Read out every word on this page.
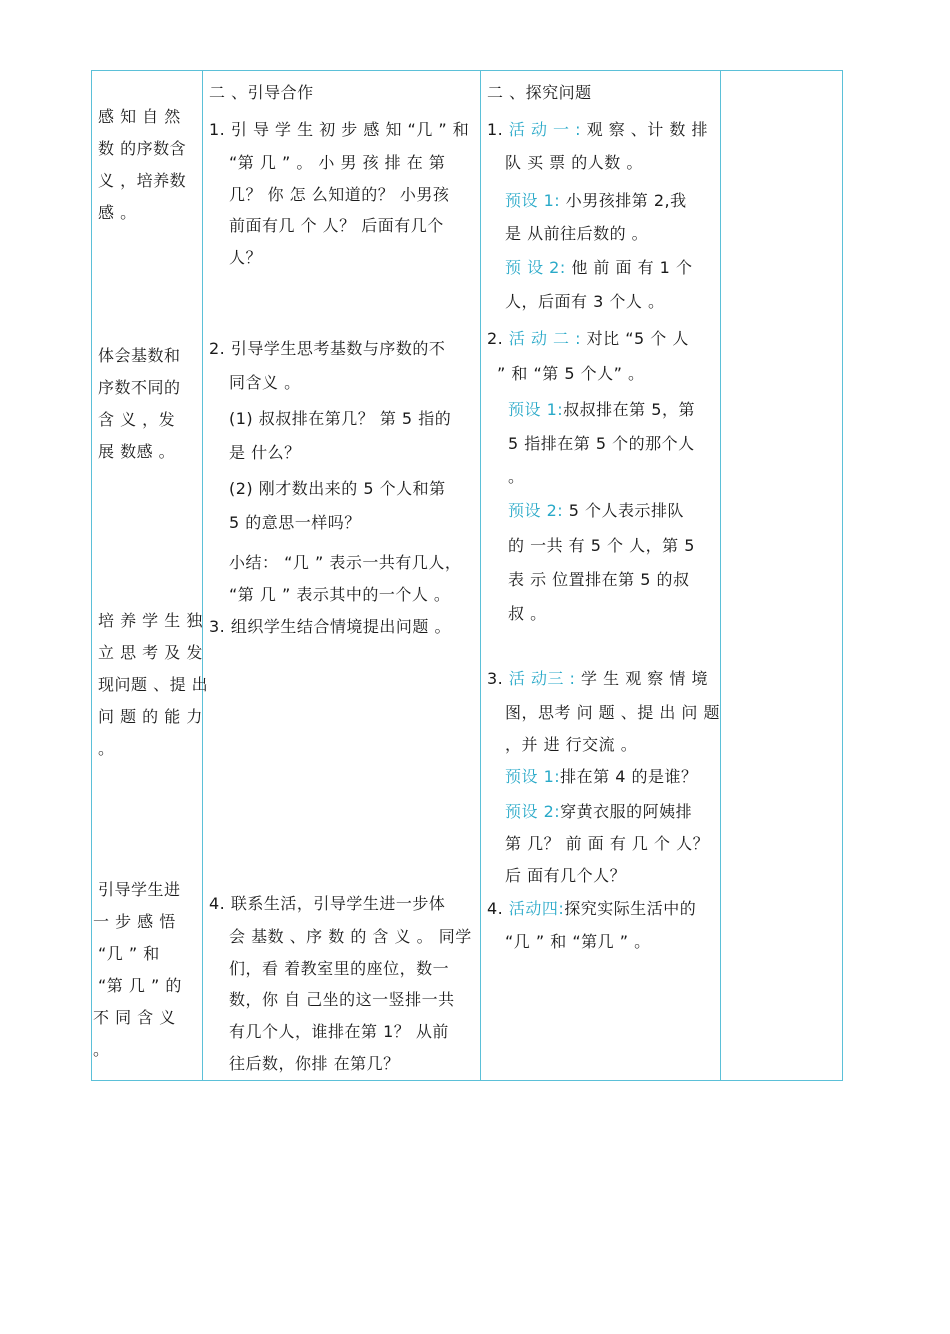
感 知 自 然
数 的序数含
义 ，培养数
感 。
体会基数和
序数不同的
含 义 ，发
展 数感 。
培 养 学 生 独
立 思 考 及 发
现问题 、提 出
问 题 的 能 力
。
引导学生进
一 步 感 悟
“几 ” 和
“第 几 ” 的
不 同 含 义
。
二 、引导合作
1. 引 导 学 生 初 步 感 知 “几 ” 和
“第 几 ” 。 小 男 孩 排 在 第
几？ 你 怎 么知道的？ 小男孩
前面有几 个 人？ 后面有几个
人？
2. 引导学生思考基数与序数的不
同含义 。
(1) 叔叔排在第几？ 第 5 指的
是 什么？
(2) 刚才数出来的 5 个人和第
5 的意思一样吗？
小结： “几 ” 表示一共有几人，
“第 几 ” 表示其中的一个人 。
3. 组织学生结合情境提出问题 。
4. 联系生活，引导学生进一步体
会 基数 、序 数 的 含 义 。 同学
们，看 着教室里的座位，数一
数，你 自 己坐的这一竖排一共
有几个人，谁排在第 1？ 从前
往后数，你排 在第几？
二 、探究问题
1. 活 动 一 : 观 察 、计 数 排
队 买 票 的人数 。
预设 1: 小男孩排第 2,我
是 从前往后数的 。
预 设 2: 他 前 面 有 1 个
人，后面有 3 个人 。
2. 活 动 二 : 对比 “5 个 人
” 和 “第 5 个人” 。
预设 1:叔叔排在第 5，第
5 指排在第 5 个的那个人
。
预设 2: 5 个人表示排队
的 一共 有 5 个 人，第 5
表 示 位置排在第 5 的叔
叔 。
3. 活 动三 : 学 生 观 察 情 境
图，思考 问 题 、提 出 问 题
，并 进 行交流 。
预设 1:排在第 4 的是谁？
预设 2:穿黄衣服的阿姨排
第 几？ 前 面 有 几 个 人？
后 面有几个人？
4. 活动四:探究实际生活中的
“几 ” 和 “第几 ” 。
